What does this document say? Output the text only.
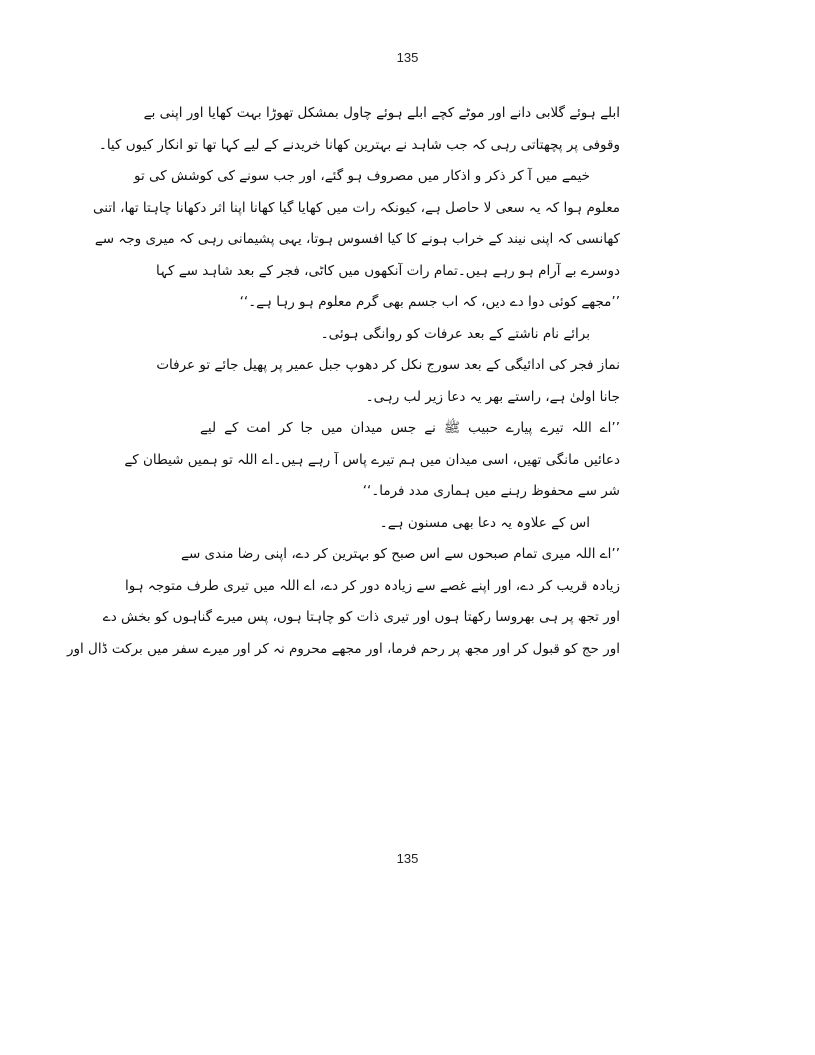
135
ابلے ہوئے گلابی دانے اور موٹے کچے ابلے ہوئے چاول بمشکل تھوڑا بہت کھایا اور اپنی بے
وقوفی پر پچھتاتی رہی کہ جب شاہد نے بہترین کھانا خریدنے کے لیے کہا تھا تو انکار کیوں کیا۔
خیمے میں آ کر ذکر و اذکار میں مصروف ہو گئے، اور جب سونے کی کوشش کی تو
معلوم ہوا کہ یہ سعی لا حاصل ہے، کیونکہ رات میں کھایا گیا کھانا اپنا اثر دکھانا چاہتا تھا، اتنی
کھانسی کہ اپنی نیند کے خراب ہونے کا کیا افسوس ہوتا، یہی پشیمانی رہی کہ میری وجہ سے
دوسرے بے آرام ہو رہے ہیں۔تمام رات آنکھوں میں کاٹی، فجر کے بعد شاہد سے کہا
’’مجھے کوئی دوا دے دیں، کہ اب جسم بھی گرم معلوم ہو رہا ہے۔‘‘
برائے نام ناشتے کے بعد عرفات کو روانگی ہوئی۔
نماز فجر کی ادائیگی کے بعد سورج نکل کر دھوپ جبل عمیر پر پھیل جائے تو عرفات
جانا اولیٰ ہے، راستے بھر یہ دعا زیر لب رہی۔
’’اے اللہ تیرے پیارے حبیب ﷺ نے جس میدان میں جا کر امت کے لیے
دعائیں مانگی تھیں، اسی میدان میں ہم تیرے پاس آ رہے ہیں۔اے اللہ تو ہمیں شیطان کے
شر سے محفوظ رہنے میں ہماری مدد فرما۔‘‘
اس کے علاوہ یہ دعا بھی مسنون ہے۔
’’اے اللہ میری تمام صبحوں سے اس صبح کو بہترین کر دے، اپنی رضا مندی سے
زیادہ قریب کر دے، اور اپنے غصے سے زیادہ دور کر دے، اے اللہ میں تیری طرف متوجہ ہوا
اور تجھ پر ہی بھروسا رکھتا ہوں اور تیری ذات کو چاہتا ہوں، پس میرے گناہوں کو بخش دے
اور حج کو قبول کر اور مجھ پر رحم فرما، اور مجھے محروم نہ کر اور میرے سفر میں برکت ڈال اور
135
